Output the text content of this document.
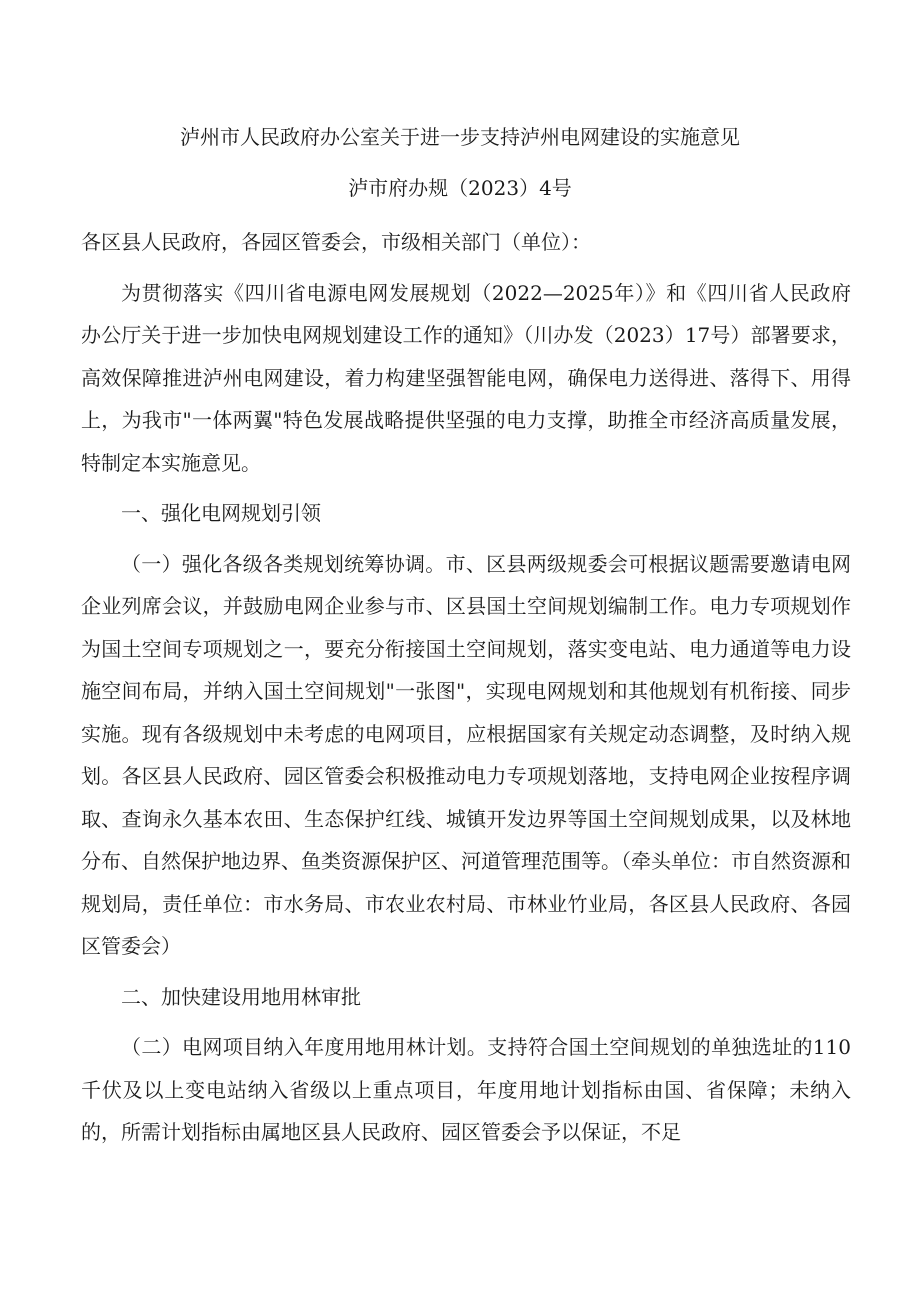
泸州市人民政府办公室关于进一步支持泸州电网建设的实施意见
泸市府办规（2023）4号

各区县人民政府，各园区管委会，市级相关部门（单位）：

为贯彻落实《四川省电源电网发展规划（2022—2025年）》和《四川省人民政府办公厅关于进一步加快电网规划建设工作的通知》（川办发（2023）17号）部署要求，高效保障推进泸州电网建设，着力构建坚强智能电网，确保电力送得进、落得下、用得上，为我市"一体两翼"特色发展战略提供坚强的电力支撑，助推全市经济高质量发展，特制定本实施意见。

一、强化电网规划引领

（一）强化各级各类规划统筹协调。市、区县两级规委会可根据议题需要邀请电网企业列席会议，并鼓励电网企业参与市、区县国土空间规划编制工作。电力专项规划作为国土空间专项规划之一，要充分衔接国土空间规划，落实变电站、电力通道等电力设施空间布局，并纳入国土空间规划"一张图"，实现电网规划和其他规划有机衔接、同步实施。现有各级规划中未考虑的电网项目，应根据国家有关规定动态调整，及时纳入规划。各区县人民政府、园区管委会积极推动电力专项规划落地，支持电网企业按程序调取、查询永久基本农田、生态保护红线、城镇开发边界等国土空间规划成果，以及林地分布、自然保护地边界、鱼类资源保护区、河道管理范围等。（牵头单位：市自然资源和规划局，责任单位：市水务局、市农业农村局、市林业竹业局，各区县人民政府、各园区管委会）

二、加快建设用地用林审批

（二）电网项目纳入年度用地用林计划。支持符合国土空间规划的单独选址的110千伏及以上变电站纳入省级以上重点项目，年度用地计划指标由国、省保障；未纳入的，所需计划指标由属地区县人民政府、园区管委会予以保证，不足
